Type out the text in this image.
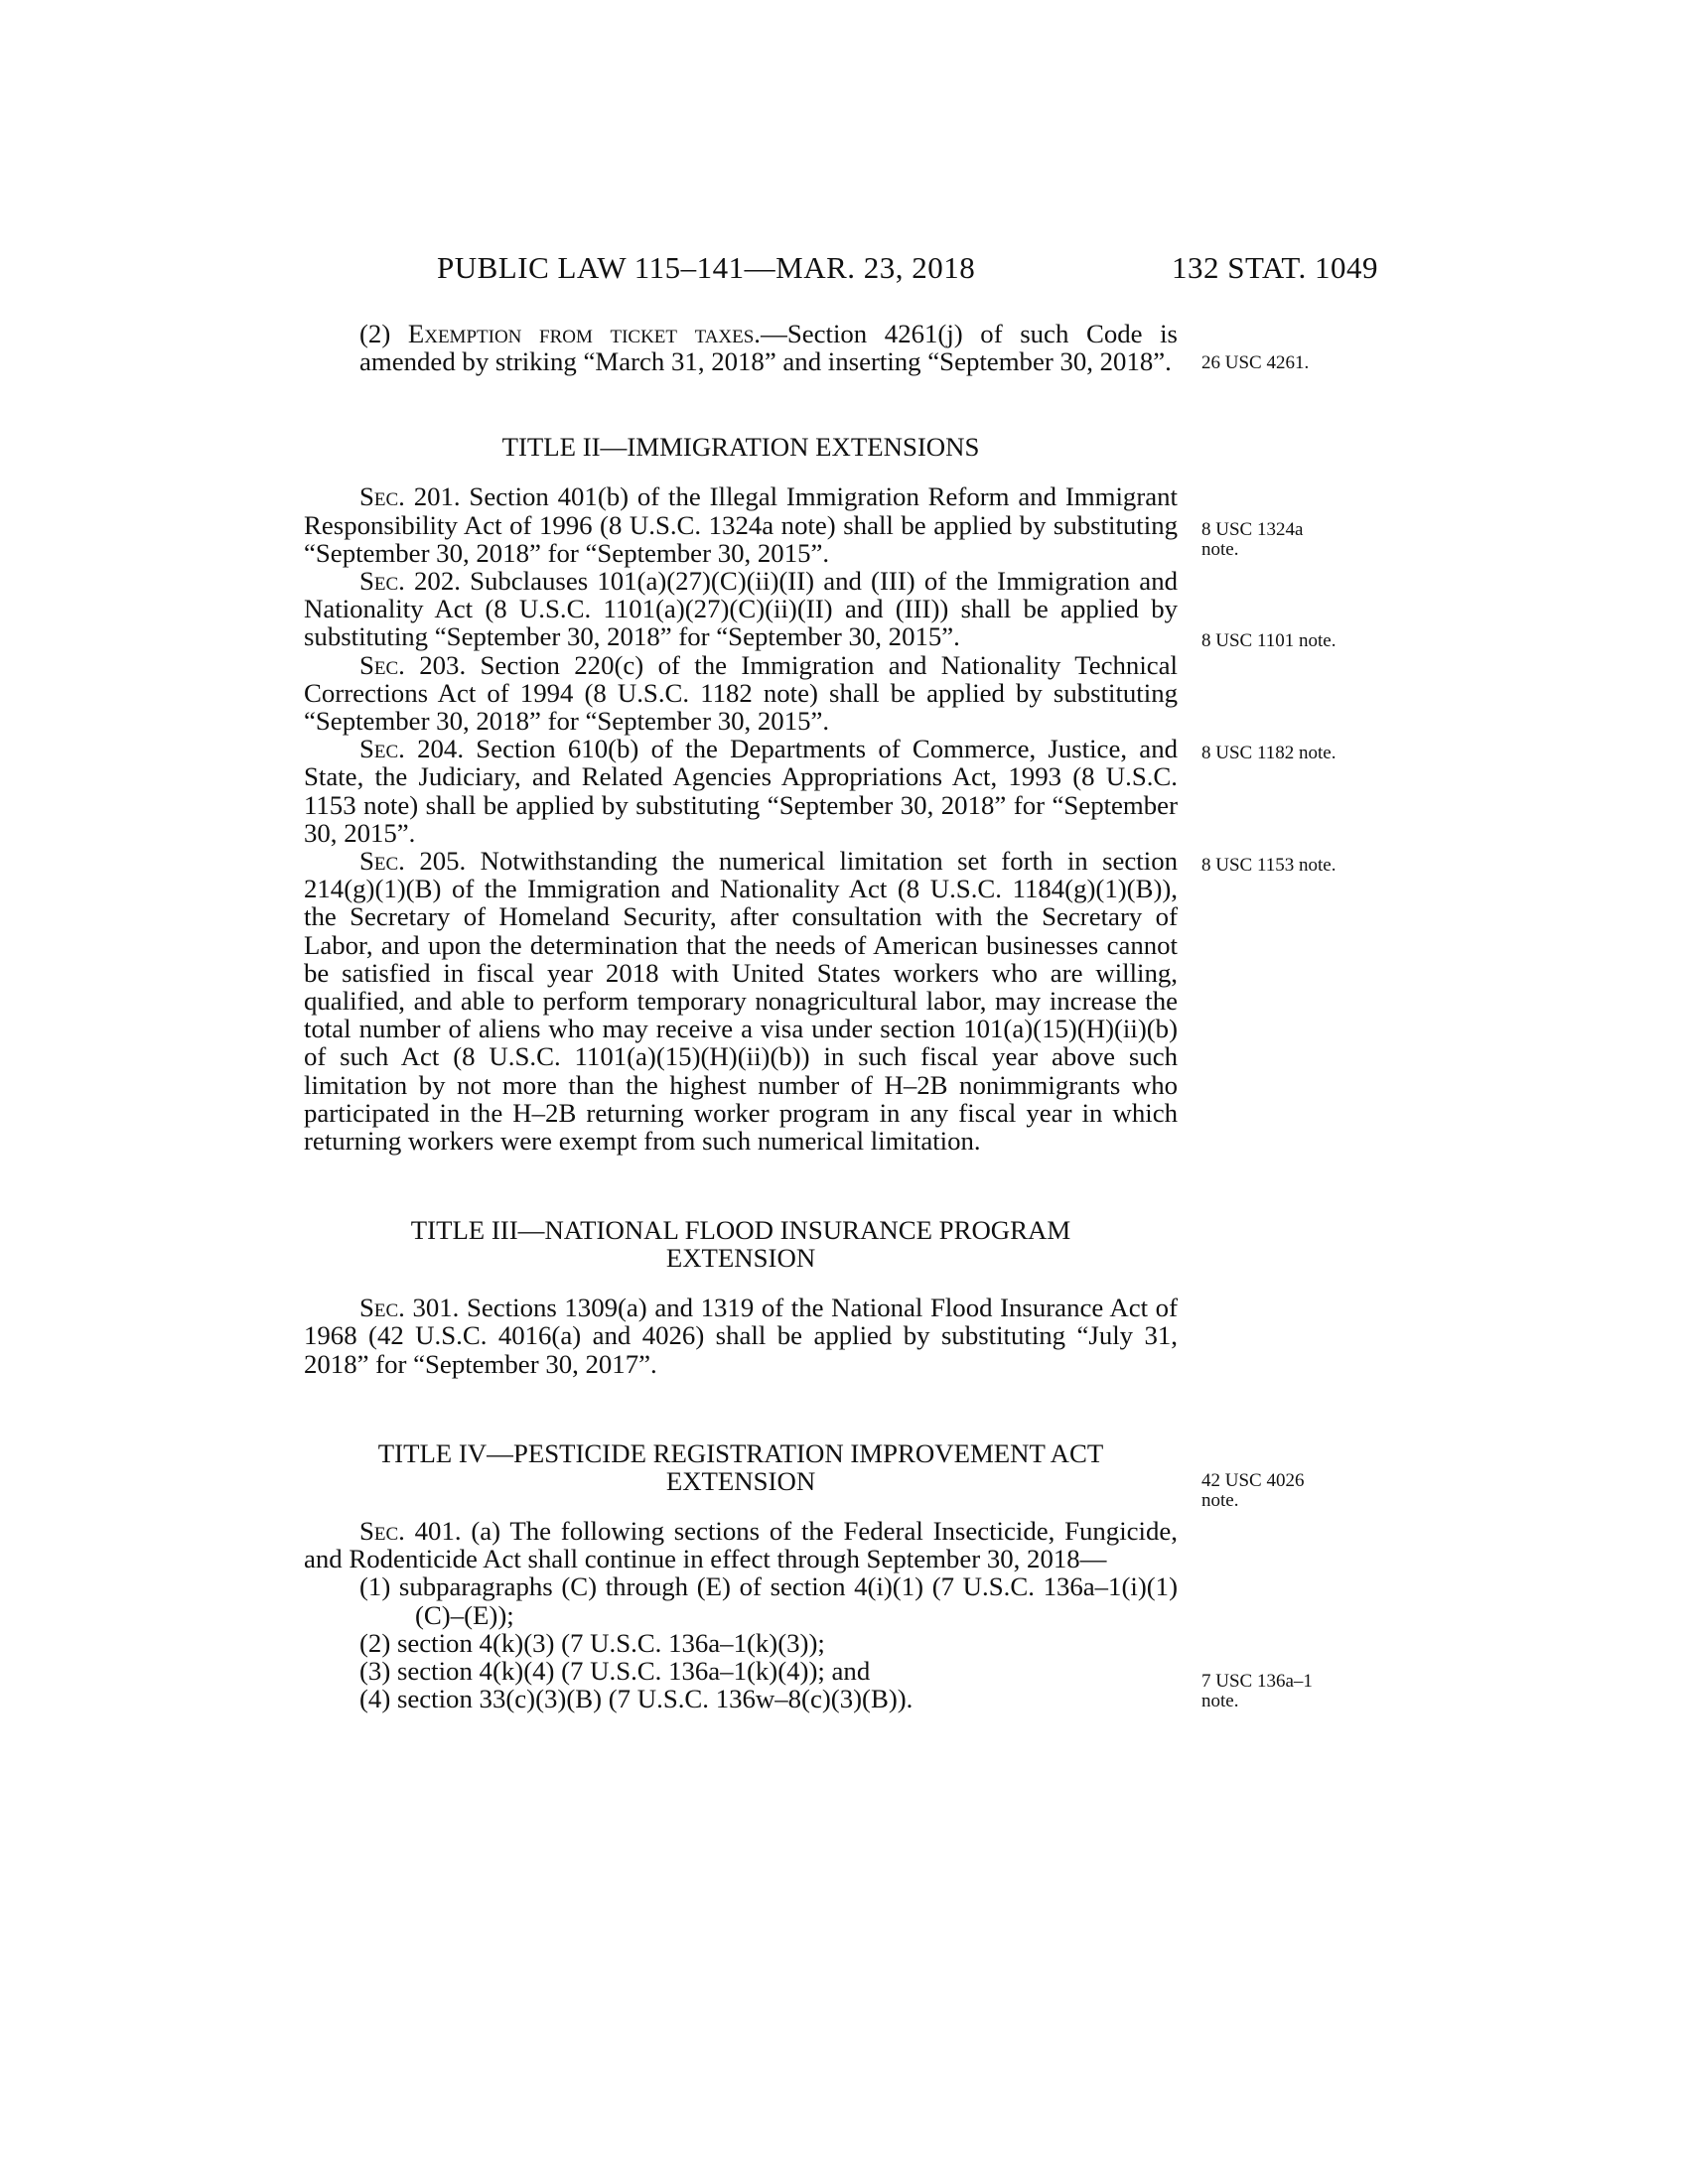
PUBLIC LAW 115–141—MAR. 23, 2018	132 STAT. 1049

(2) Exemption from ticket taxes.—Section 4261(j) of such Code is amended by striking “March 31, 2018” and inserting “September 30, 2018”.

TITLE II—IMMIGRATION EXTENSIONS

Sec. 201. Section 401(b) of the Illegal Immigration Reform and Immigrant Responsibility Act of 1996 (8 U.S.C. 1324a note) shall be applied by substituting “September 30, 2018” for “September 30, 2015”.

Sec. 202. Subclauses 101(a)(27)(C)(ii)(II) and (III) of the Immigration and Nationality Act (8 U.S.C. 1101(a)(27)(C)(ii)(II) and (III)) shall be applied by substituting “September 30, 2018” for “September 30, 2015”.

Sec. 203. Section 220(c) of the Immigration and Nationality Technical Corrections Act of 1994 (8 U.S.C. 1182 note) shall be applied by substituting “September 30, 2018” for “September 30, 2015”.

Sec. 204. Section 610(b) of the Departments of Commerce, Justice, and State, the Judiciary, and Related Agencies Appropriations Act, 1993 (8 U.S.C. 1153 note) shall be applied by substituting “September 30, 2018” for “September 30, 2015”.

Sec. 205. Notwithstanding the numerical limitation set forth in section 214(g)(1)(B) of the Immigration and Nationality Act (8 U.S.C. 1184(g)(1)(B)), the Secretary of Homeland Security, after consultation with the Secretary of Labor, and upon the determination that the needs of American businesses cannot be satisfied in fiscal year 2018 with United States workers who are willing, qualified, and able to perform temporary nonagricultural labor, may increase the total number of aliens who may receive a visa under section 101(a)(15)(H)(ii)(b) of such Act (8 U.S.C. 1101(a)(15)(H)(ii)(b)) in such fiscal year above such limitation by not more than the highest number of H–2B nonimmigrants who participated in the H–2B returning worker program in any fiscal year in which returning workers were exempt from such numerical limitation.

TITLE III—NATIONAL FLOOD INSURANCE PROGRAM
EXTENSION

Sec. 301. Sections 1309(a) and 1319 of the National Flood Insurance Act of 1968 (42 U.S.C. 4016(a) and 4026) shall be applied by substituting “July 31, 2018” for “September 30, 2017”.

TITLE IV—PESTICIDE REGISTRATION IMPROVEMENT ACT
EXTENSION

Sec. 401. (a) The following sections of the Federal Insecticide, Fungicide, and Rodenticide Act shall continue in effect through September 30, 2018—

(1) subparagraphs (C) through (E) of section 4(i)(1) (7 U.S.C. 136a–1(i)(1)(C)–(E));

(2) section 4(k)(3) (7 U.S.C. 136a–1(k)(3));

(3) section 4(k)(4) (7 U.S.C. 136a–1(k)(4)); and

(4) section 33(c)(3)(B) (7 U.S.C. 136w–8(c)(3)(B)).

26 USC 4261.
8 USC 1324a note.
8 USC 1101 note.
8 USC 1182 note.
8 USC 1153 note.
42 USC 4026 note.
7 USC 136a–1 note.
